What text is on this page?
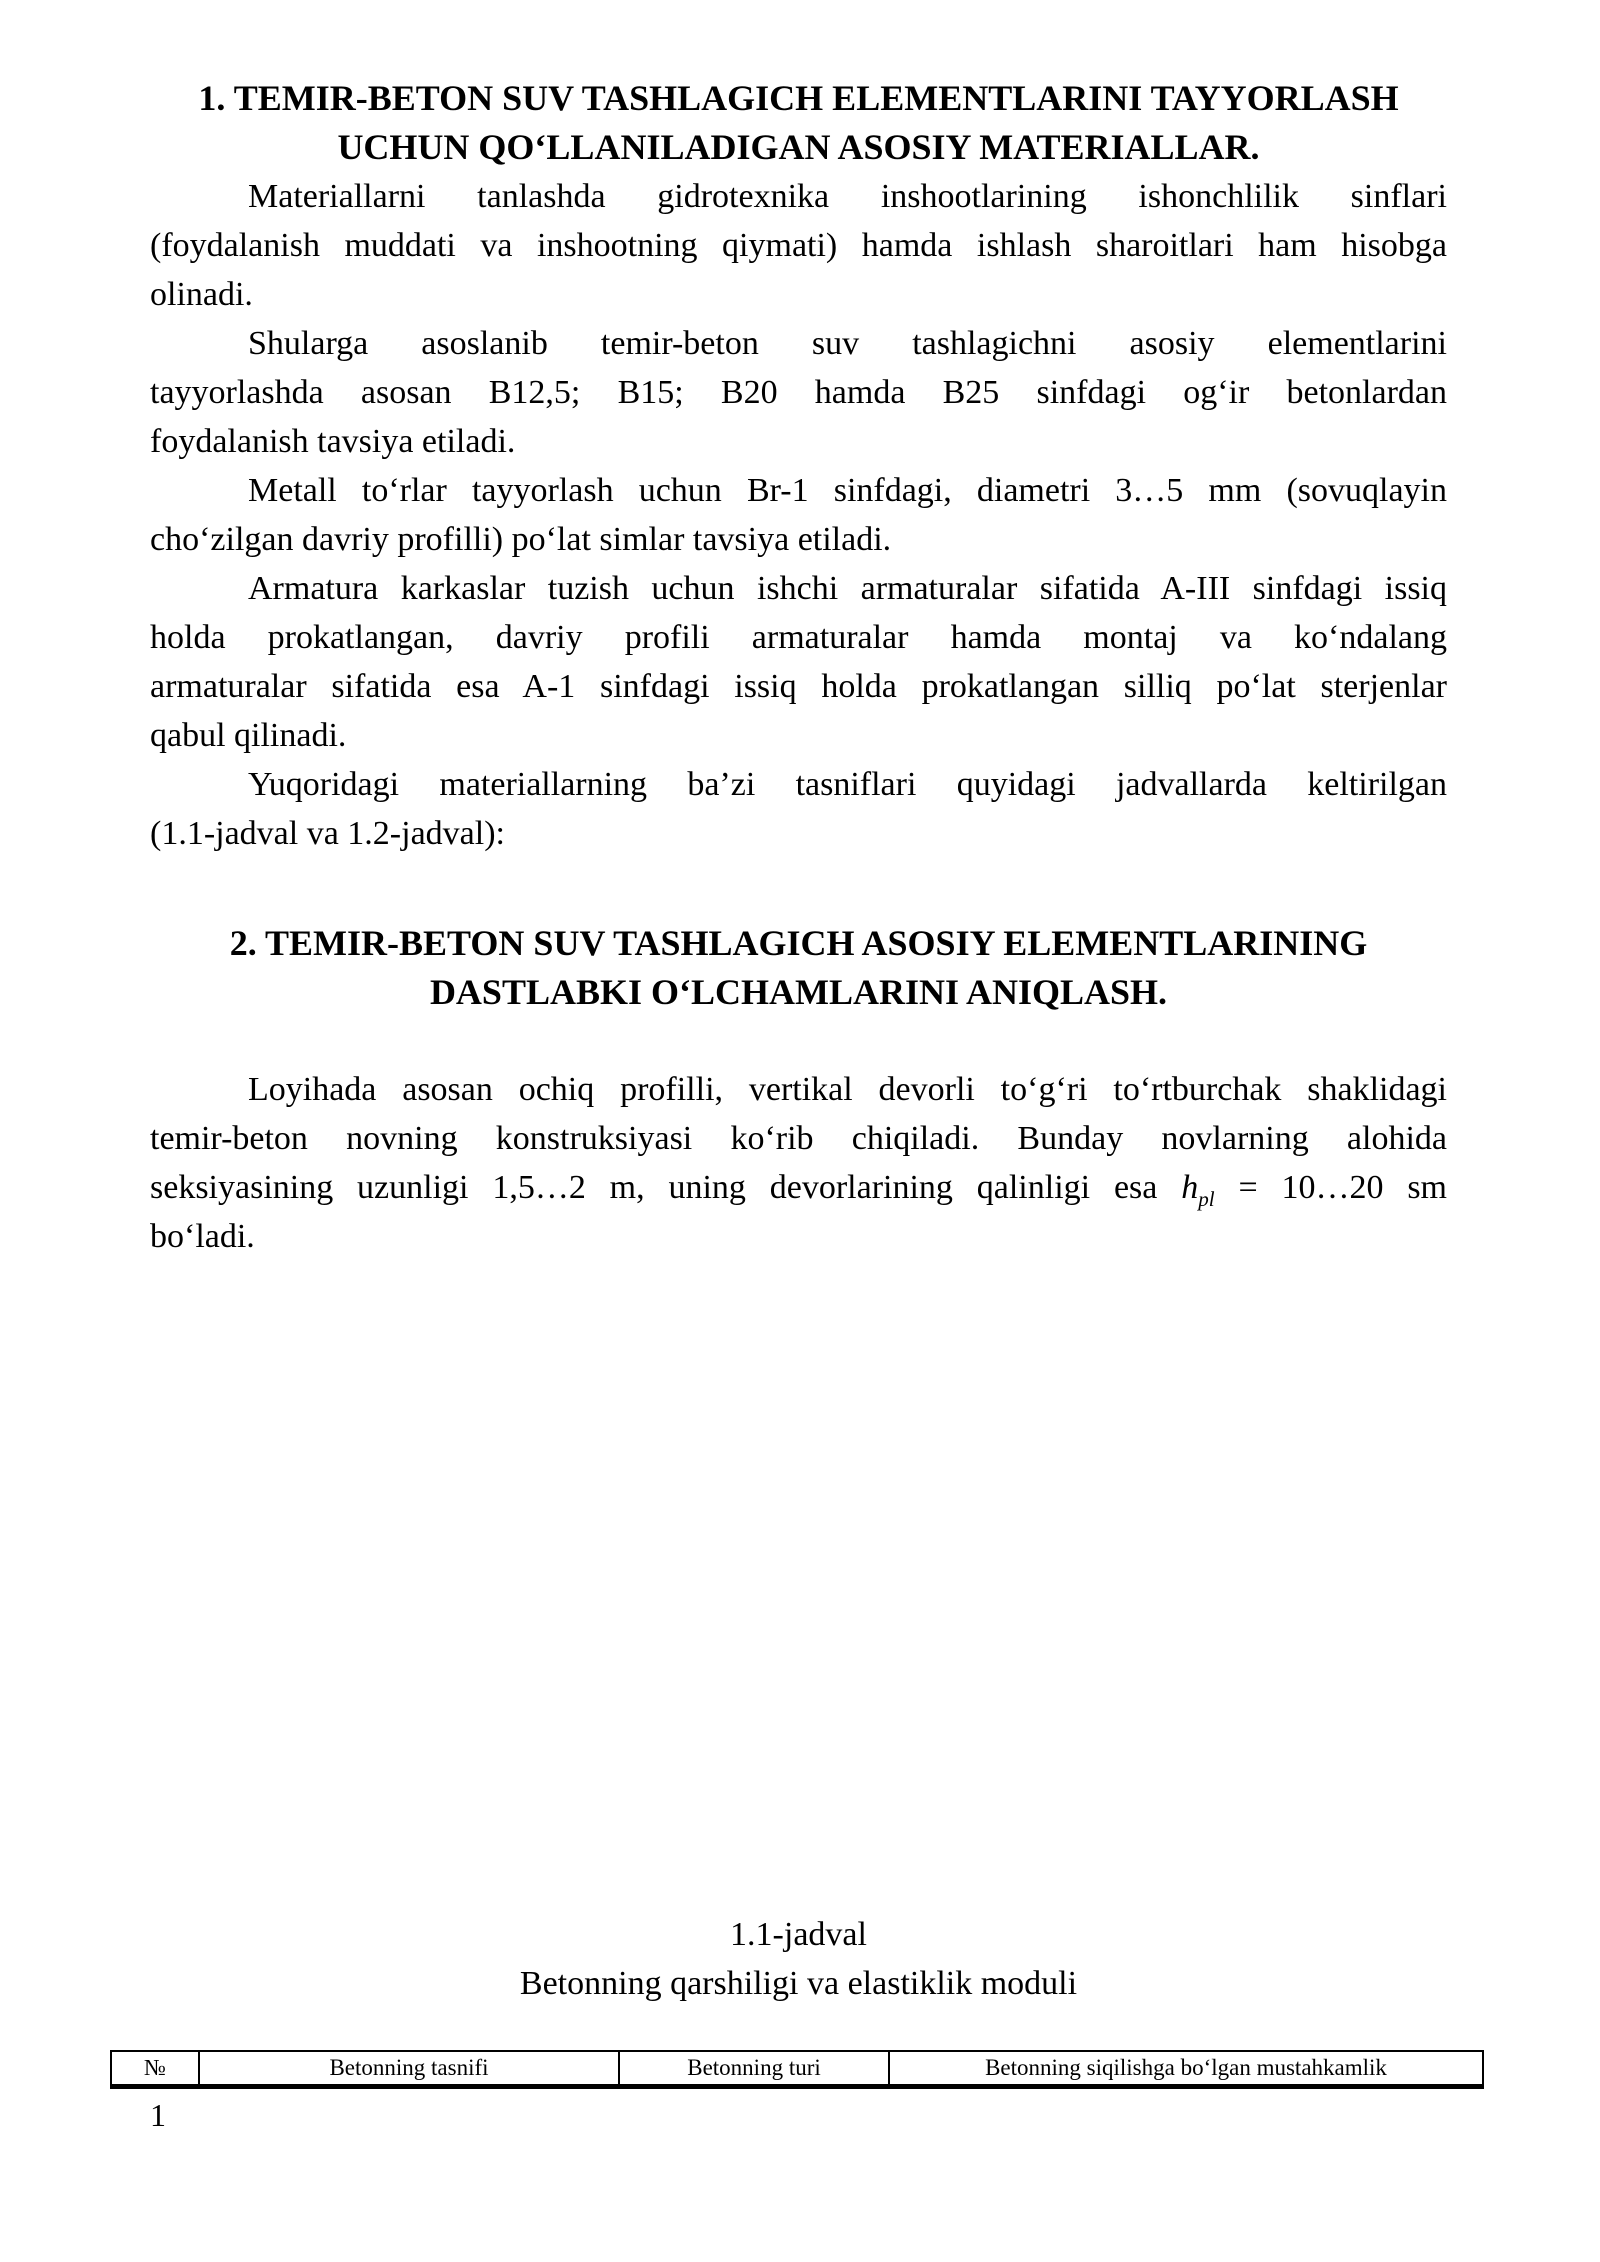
1. TEMIR-BETON SUV TASHLAGICH ELEMENTLARINI TAYYORLASH
UCHUN QO‘LLANILADIGAN ASOSIY MATERIALLAR.
Materiallarni tanlashda gidrotexnika inshootlarining ishonchlilik sinflari
(foydalanish muddati va inshootning qiymati) hamda ishlash sharoitlari ham hisobga
olinadi.
Shularga asoslanib temir-beton suv tashlagichni asosiy elementlarini
tayyorlashda asosan B12,5; B15; B20 hamda B25 sinfdagi og‘ir betonlardan
foydalanish tavsiya etiladi.
Metall to‘rlar tayyorlash uchun Br-1 sinfdagi, diametri 3…5 mm (sovuqlayin
cho‘zilgan davriy profilli) po‘lat simlar tavsiya etiladi.
Armatura karkaslar tuzish uchun ishchi armaturalar sifatida A-III sinfdagi issiq
holda prokatlangan, davriy profili armaturalar hamda montaj va ko‘ndalang
armaturalar sifatida esa A-1 sinfdagi issiq holda prokatlangan silliq po‘lat sterjenlar
qabul qilinadi.
Yuqoridagi materiallarning ba’zi tasniflari quyidagi jadvallarda keltirilgan
(1.1-jadval va 1.2-jadval):
2. TEMIR-BETON SUV TASHLAGICH ASOSIY ELEMENTLARINING
DASTLABKI O‘LCHAMLARINI ANIQLASH.
Loyihada asosan ochiq profilli, vertikal devorli to‘g‘ri to‘rtburchak shaklidagi
temir-beton novning konstruksiyasi ko‘rib chiqiladi. Bunday novlarning alohida
seksiyasining uzunligi 1,5…2 m, uning devorlarining qalinligi esa $h_{pl}$ = 10…20 sm
bo‘ladi.
1.1-jadval
Betonning qarshiligi va elastiklik moduli
№	Betonning tasnifi	Betonning turi	Betonning siqilishga bo‘lgan mustahkamlik
1
